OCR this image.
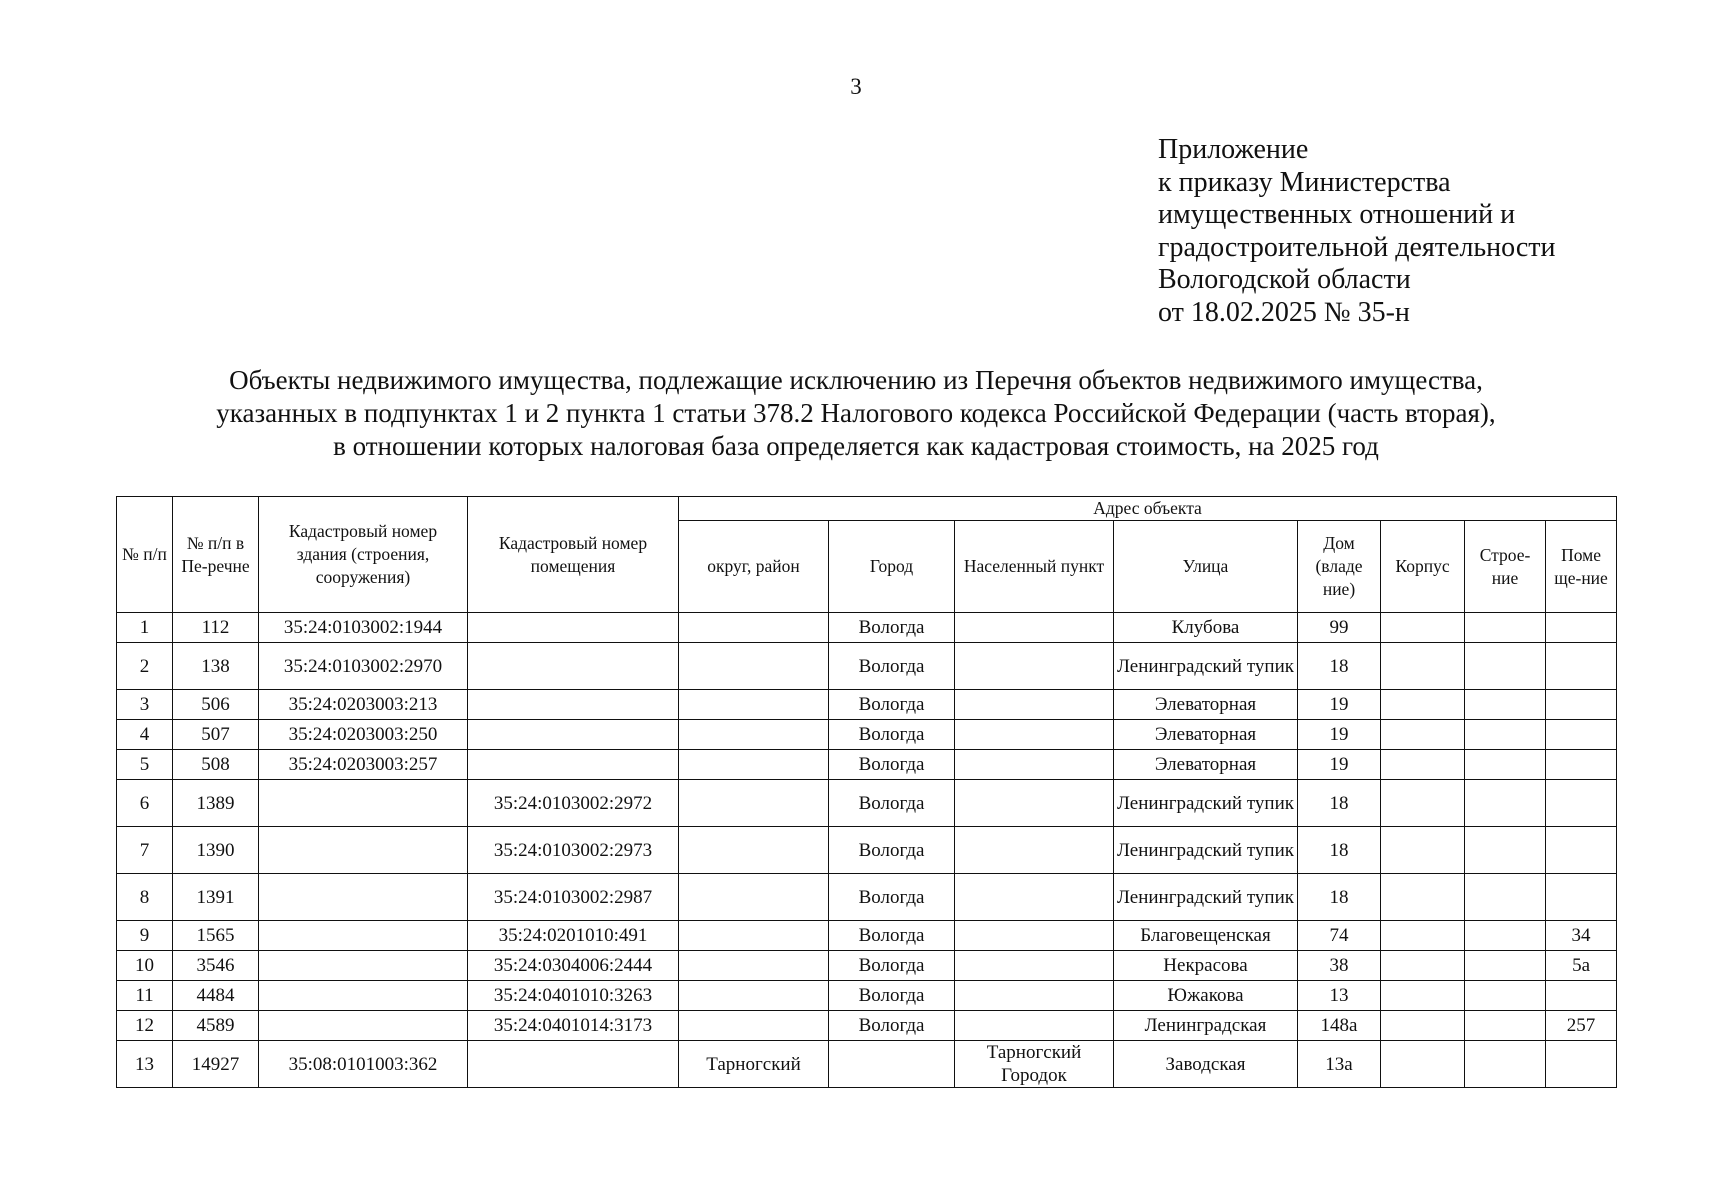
3
Приложение
к приказу Министерства
имущественных отношений и
градостроительной деятельности
Вологодской области
от 18.02.2025 № 35-н
Объекты недвижимого имущества, подлежащие исключению из Перечня объектов недвижимого имущества,
указанных в подпунктах 1 и 2 пункта 1 статьи 378.2 Налогового кодекса Российской Федерации (часть вторая),
в отношении которых налоговая база определяется как кадастровая стоимость, на 2025 год
№ п/п	№ п/п в Пе-речне	Кадастровый номер здания (строения, сооружения)	Кадастровый номер помещения	Адрес объекта							
				округ, район	Город	Населенный пункт	Улица	Дом (владе ние)	Корпус	Строе-ние	Поме ще-ние
1	112	35:24:0103002:1944			Вологда		Клубова	99			
2	138	35:24:0103002:2970			Вологда		Ленинградский тупик	18			
3	506	35:24:0203003:213			Вологда		Элеваторная	19			
4	507	35:24:0203003:250			Вологда		Элеваторная	19			
5	508	35:24:0203003:257			Вологда		Элеваторная	19			
6	1389		35:24:0103002:2972		Вологда		Ленинградский тупик	18			
7	1390		35:24:0103002:2973		Вологда		Ленинградский тупик	18			
8	1391		35:24:0103002:2987		Вологда		Ленинградский тупик	18			
9	1565		35:24:0201010:491		Вологда		Благовещенская	74			34
10	3546		35:24:0304006:2444		Вологда		Некрасова	38			5а
11	4484		35:24:0401010:3263		Вологда		Южакова	13			
12	4589		35:24:0401014:3173		Вологда		Ленинградская	148а			257
13	14927	35:08:0101003:362		Тарногский		Тарногский Городок	Заводская	13а			
